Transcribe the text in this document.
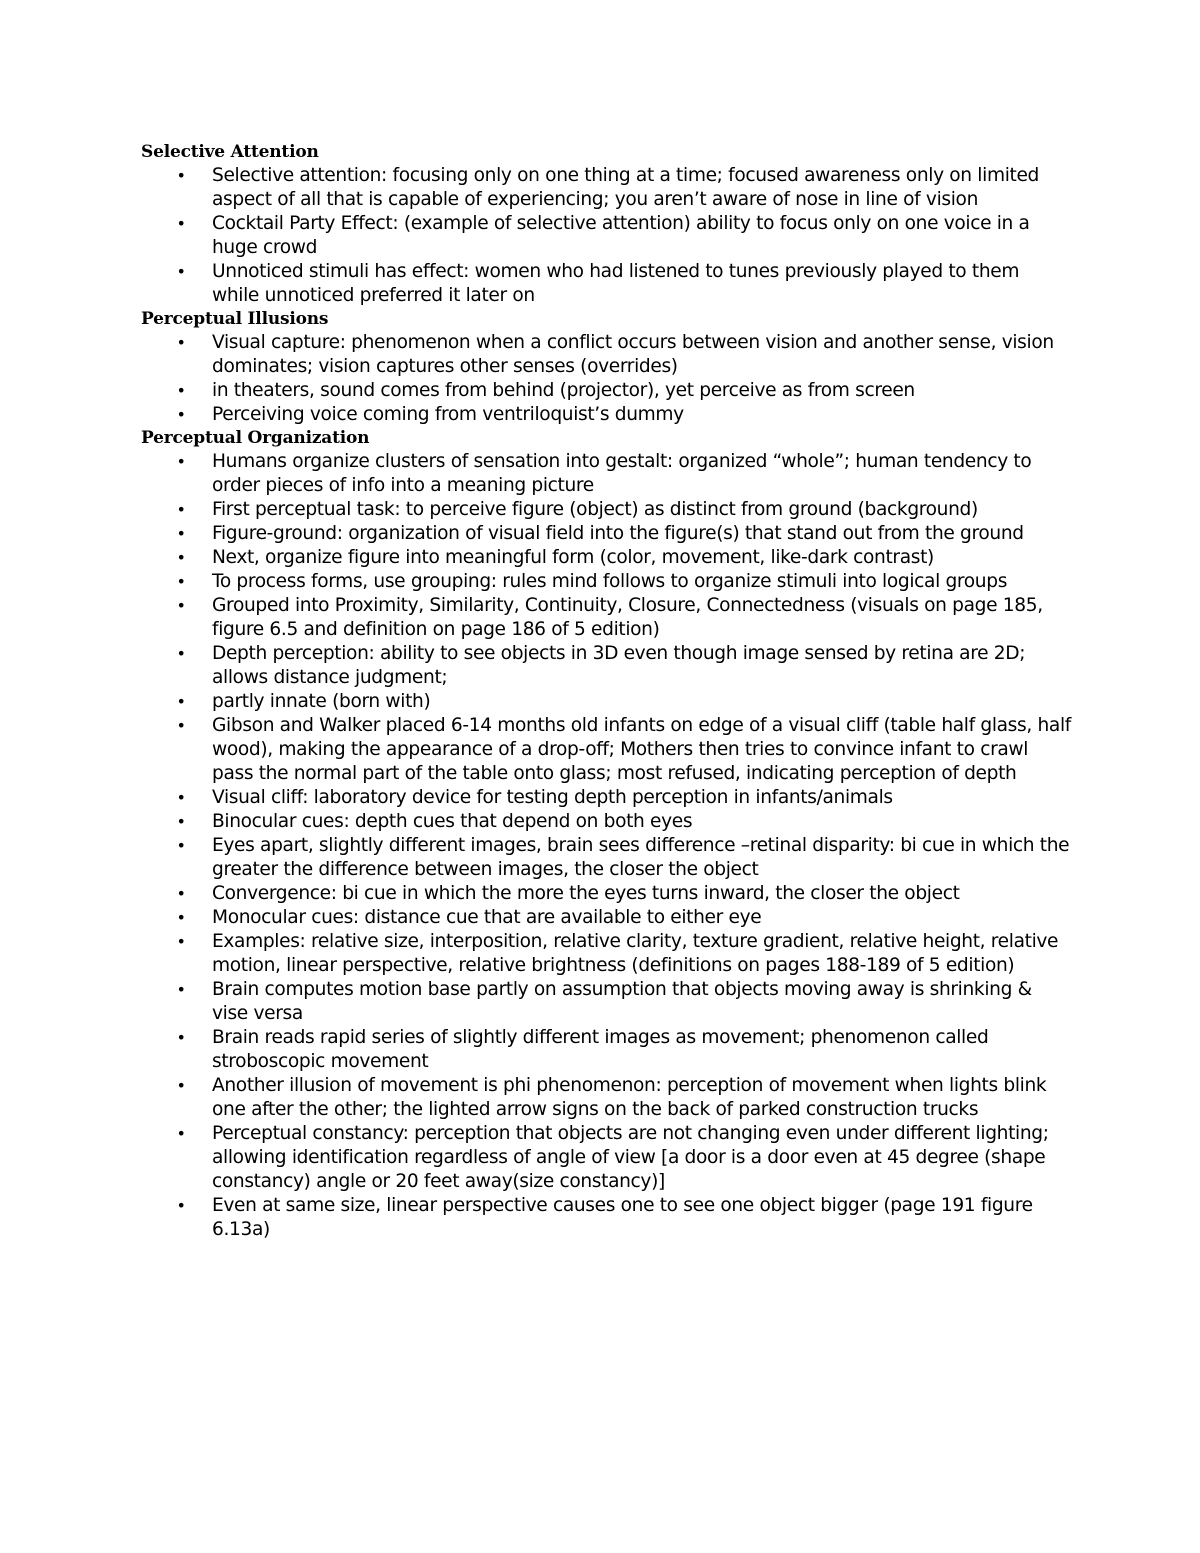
Selective Attention
• Selective attention: focusing only on one thing at a time; focused awareness only on limited aspect of all that is capable of experiencing; you aren’t aware of nose in line of vision
• Cocktail Party Effect: (example of selective attention) ability to focus only on one voice in a huge crowd
• Unnoticed stimuli has effect: women who had listened to tunes previously played to them while unnoticed preferred it later on
Perceptual Illusions
• Visual capture: phenomenon when a conflict occurs between vision and another sense, vision dominates; vision captures other senses (overrides)
• in theaters, sound comes from behind (projector), yet perceive as from screen
• Perceiving voice coming from ventriloquist’s dummy
Perceptual Organization
• Humans organize clusters of sensation into gestalt: organized “whole”; human tendency to order pieces of info into a meaning picture
• First perceptual task: to perceive figure (object) as distinct from ground (background)
• Figure-ground: organization of visual field into the figure(s) that stand out from the ground
• Next, organize figure into meaningful form (color, movement, like-dark contrast)
• To process forms, use grouping: rules mind follows to organize stimuli into logical groups
• Grouped into Proximity, Similarity, Continuity, Closure, Connectedness (visuals on page 185, figure 6.5 and definition on page 186 of 5 edition)
• Depth perception: ability to see objects in 3D even though image sensed by retina are 2D; allows distance judgment;
• partly innate (born with)
• Gibson and Walker placed 6-14 months old infants on edge of a visual cliff (table half glass, half wood), making the appearance of a drop-off; Mothers then tries to convince infant to crawl pass the normal part of the table onto glass; most refused, indicating perception of depth
• Visual cliff: laboratory device for testing depth perception in infants/animals
• Binocular cues: depth cues that depend on both eyes
• Eyes apart, slightly different images, brain sees difference –retinal disparity: bi cue in which the greater the difference between images, the closer the object
• Convergence: bi cue in which the more the eyes turns inward, the closer the object
• Monocular cues: distance cue that are available to either eye
• Examples: relative size, interposition, relative clarity, texture gradient, relative height, relative motion, linear perspective, relative brightness (definitions on pages 188-189 of 5 edition)
• Brain computes motion base partly on assumption that objects moving away is shrinking & vise versa
• Brain reads rapid series of slightly different images as movement; phenomenon called stroboscopic movement
• Another illusion of movement is phi phenomenon: perception of movement when lights blink one after the other; the lighted arrow signs on the back of parked construction trucks
• Perceptual constancy: perception that objects are not changing even under different lighting; allowing identification regardless of angle of view [a door is a door even at 45 degree (shape constancy) angle or 20 feet away(size constancy)]
• Even at same size, linear perspective causes one to see one object bigger (page 191 figure 6.13a)
